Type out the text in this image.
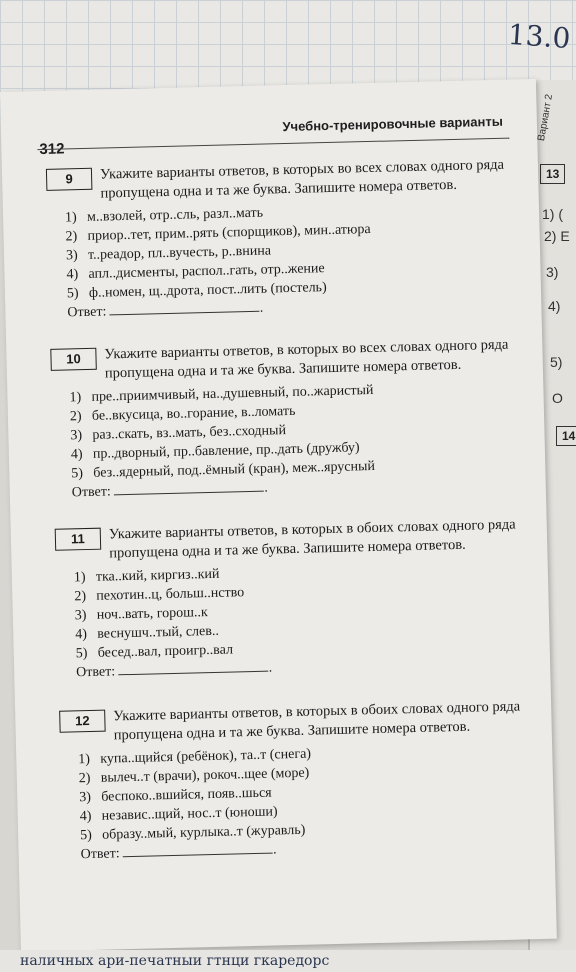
13.0
Вариант 2
13
1) (
2) Е
3)
4)
5)
О
14
Учебно-тренировочные варианты
312
9	Укажите варианты ответов, в которых во всех словах одного ряда пропущена одна и та же буква. Запишите номера ответов.
1) м..взолей, отр..сль, разл..мать
2) приор..тет, прим..рять (спорщиков), мин..атюра
3) т..реадор, пл..вучесть, р..внина
4) апл..дисменты, распол..гать, отр..жение
5) ф..номен, щ..дрота, пост..лить (постель)
Ответ:	.
10	Укажите варианты ответов, в которых во всех словах одного ряда пропущена одна и та же буква. Запишите номера ответов.
1) пре..приимчивый, на..душевный, по..жаристый
2) бе..вкусица, во..горание, в..ломать
3) раз..скать, вз..мать, без..сходный
4) пр..дворный, пр..бавление, пр..дать (дружбу)
5) без..ядерный, под..ёмный (кран), меж..ярусный
Ответ:	.
11	Укажите варианты ответов, в которых в обоих словах одного ряда пропущена одна и та же буква. Запишите номера ответов.
1) тка..кий, киргиз..кий
2) пехотин..ц, больш..нство
3) ноч..вать, горош..к
4) веснушч..тый, слев..
5) бесед..вал, проигр..вал
Ответ:	.
12	Укажите варианты ответов, в которых в обоих словах одного ряда пропущена одна и та же буква. Запишите номера ответов.
1) купа..щийся (ребёнок), та..т (снега)
2) вылеч..т (врачи), рокоч..щее (море)
3) беспоко..вшийся, появ..шься
4) независ..щий, нос..т (юноши)
5) образу..мый, курлыка..т (журавль)
Ответ:	.
наличных ари-печатныи гтнци гкаредорс
